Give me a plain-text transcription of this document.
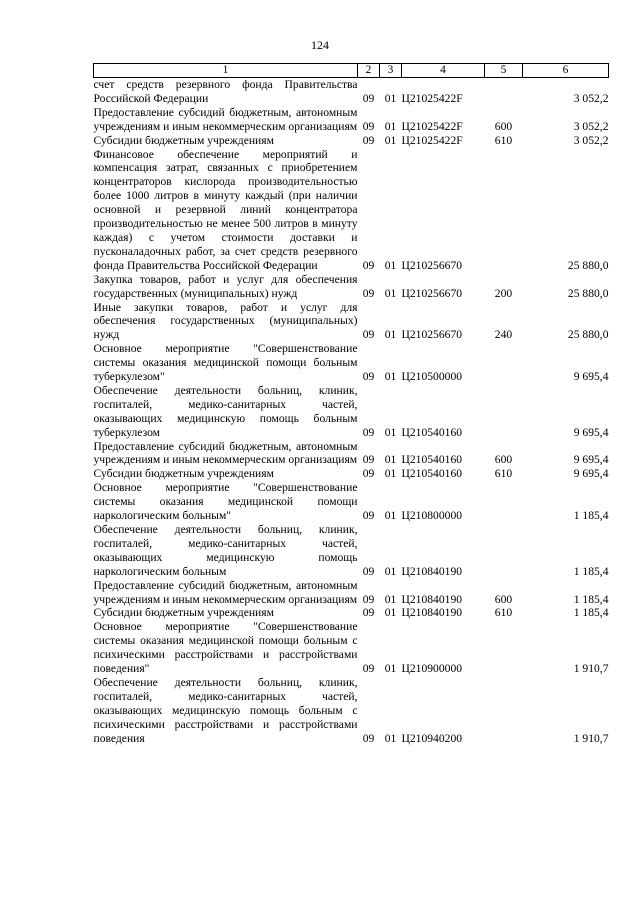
124
1	2	3	4	5	6
счет средств резервного фонда Правительства Российской Федерации	09	01	Ц21025422F		3 052,2
Предоставление субсидий бюджетным, автономным учреждениям и иным некоммерческим организациям	09	01	Ц21025422F	600	3 052,2
Субсидии бюджетным учреждениям	09	01	Ц21025422F	610	3 052,2
Финансовое обеспечение мероприятий и компенсация затрат, связанных с приобретением концентраторов кислорода производительностью более 1000 литров в минуту каждый (при наличии основной и резервной линий концентратора производительностью не менее 500 литров в минуту каждая) с учетом стоимости доставки и пусконаладочных работ, за счет средств резервного фонда Правительства Российской Федерации	09	01	Ц210256670		25 880,0
Закупка товаров, работ и услуг для обеспечения государственных (муниципальных) нужд	09	01	Ц210256670	200	25 880,0
Иные закупки товаров, работ и услуг для обеспечения государственных (муниципальных) нужд	09	01	Ц210256670	240	25 880,0
Основное мероприятие "Совершенствование системы оказания медицинской помощи больным туберкулезом"	09	01	Ц210500000		9 695,4
Обеспечение деятельности больниц, клиник, госпиталей, медико-санитарных частей, оказывающих медицинскую помощь больным туберкулезом	09	01	Ц210540160		9 695,4
Предоставление субсидий бюджетным, автономным учреждениям и иным некоммерческим организациям	09	01	Ц210540160	600	9 695,4
Субсидии бюджетным учреждениям	09	01	Ц210540160	610	9 695,4
Основное мероприятие "Совершенствование системы оказания медицинской помощи наркологическим больным"	09	01	Ц210800000		1 185,4
Обеспечение деятельности больниц, клиник, госпиталей, медико-санитарных частей, оказывающих медицинскую помощь наркологическим больным	09	01	Ц210840190		1 185,4
Предоставление субсидий бюджетным, автономным учреждениям и иным некоммерческим организациям	09	01	Ц210840190	600	1 185,4
Субсидии бюджетным учреждениям	09	01	Ц210840190	610	1 185,4
Основное мероприятие "Совершенствование системы оказания медицинской помощи больным с психическими расстройствами и расстройствами поведения"	09	01	Ц210900000		1 910,7
Обеспечение деятельности больниц, клиник, госпиталей, медико-санитарных частей, оказывающих медицинскую помощь больным с психическими расстройствами и расстройствами поведения	09	01	Ц210940200		1 910,7
